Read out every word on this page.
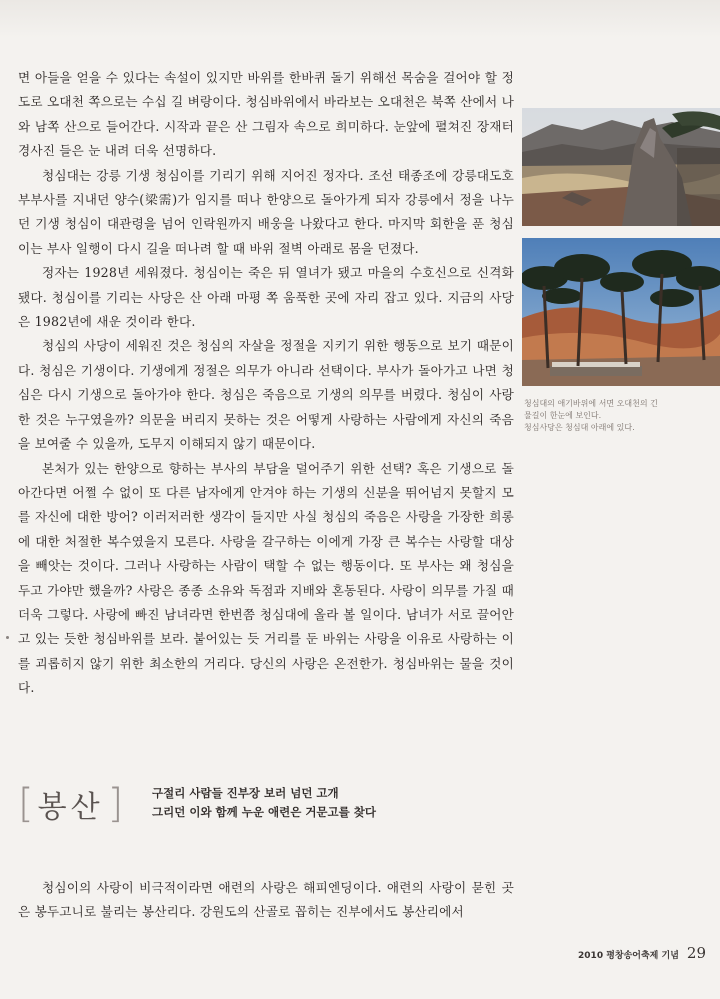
면 아들을 얻을 수 있다는 속설이 있지만 바위를 한바퀴 돌기 위해선 목숨을 걸어야 할 정도로 오대천 쪽으로는 수십 길 벼랑이다. 청심바위에서 바라보는 오대천은 북쪽 산에서 나와 남쪽 산으로 들어간다. 시작과 끝은 산 그림자 속으로 희미하다. 눈앞에 펼쳐진 장재터 경사진 들은 눈 내려 더욱 선명하다.

청심대는 강릉 기생 청심이를 기리기 위해 지어진 정자다. 조선 태종조에 강릉대도호부부사를 지내던 양수(梁需)가 임지를 떠나 한양으로 돌아가게 되자 강릉에서 정을 나누던 기생 청심이 대관령을 넘어 인락원까지 배웅을 나왔다고 한다. 마지막 회한을 푼 청심이는 부사 일행이 다시 길을 떠나려 할 때 바위 절벽 아래로 몸을 던졌다.

정자는 1928년 세워졌다. 청심이는 죽은 뒤 열녀가 됐고 마을의 수호신으로 신격화됐다. 청심이를 기리는 사당은 산 아래 마평 쪽 움푹한 곳에 자리 잡고 있다. 지금의 사당은 1982년에 새운 것이라 한다.

청심의 사당이 세워진 것은 청심의 자살을 정절을 지키기 위한 행동으로 보기 때문이다. 청심은 기생이다. 기생에게 정절은 의무가 아니라 선택이다. 부사가 돌아가고 나면 청심은 다시 기생으로 돌아가야 한다. 청심은 죽음으로 기생의 의무를 버렸다. 청심이 사랑한 것은 누구였을까? 의문을 버리지 못하는 것은 어떻게 사랑하는 사람에게 자신의 죽음을 보여줄 수 있을까, 도무지 이해되지 않기 때문이다.

본처가 있는 한양으로 향하는 부사의 부담을 덜어주기 위한 선택? 혹은 기생으로 돌아간다면 어쩔 수 없이 또 다른 남자에게 안겨야 하는 기생의 신분을 뛰어넘지 못할지 모를 자신에 대한 방어? 이러저러한 생각이 들지만 사실 청심의 죽음은 사랑을 가장한 희롱에 대한 처절한 복수였을지 모른다. 사랑을 갈구하는 이에게 가장 큰 복수는 사랑할 대상을 빼앗는 것이다. 그러나 사랑하는 사람이 택할 수 없는 행동이다. 또 부사는 왜 청심을 두고 가야만 했을까? 사랑은 종종 소유와 독점과 지배와 혼동된다. 사랑이 의무를 가질 때 더욱 그렇다. 사랑에 빠진 남녀라면 한번쯤 청심대에 올라 볼 일이다. 남녀가 서로 끌어안고 있는 듯한 청심바위를 보라. 붙어있는 듯 거리를 둔 바위는 사랑을 이유로 사랑하는 이를 괴롭히지 않기 위한 최소한의 거리다. 당신의 사랑은 온전한가. 청심바위는 물을 것이다.

청심대의 애기바위에 서면 오대천의 긴
물길이 한눈에 보인다.
청심사당은 청심대 아래에 있다.
[ 봉산 ]	구절리 사람들 진부장 보러 넘던 고개
그리던 이와 함께 누운 애련은 거문고를 찾다

청심이의 사랑이 비극적이라면 애련의 사랑은 해피엔딩이다. 애련의 사랑이 묻힌 곳은 봉두고니로 불리는 봉산리다. 강원도의 산골로 꼽히는 진부에서도 봉산리에서

2010 평창송어축제 기념 29
